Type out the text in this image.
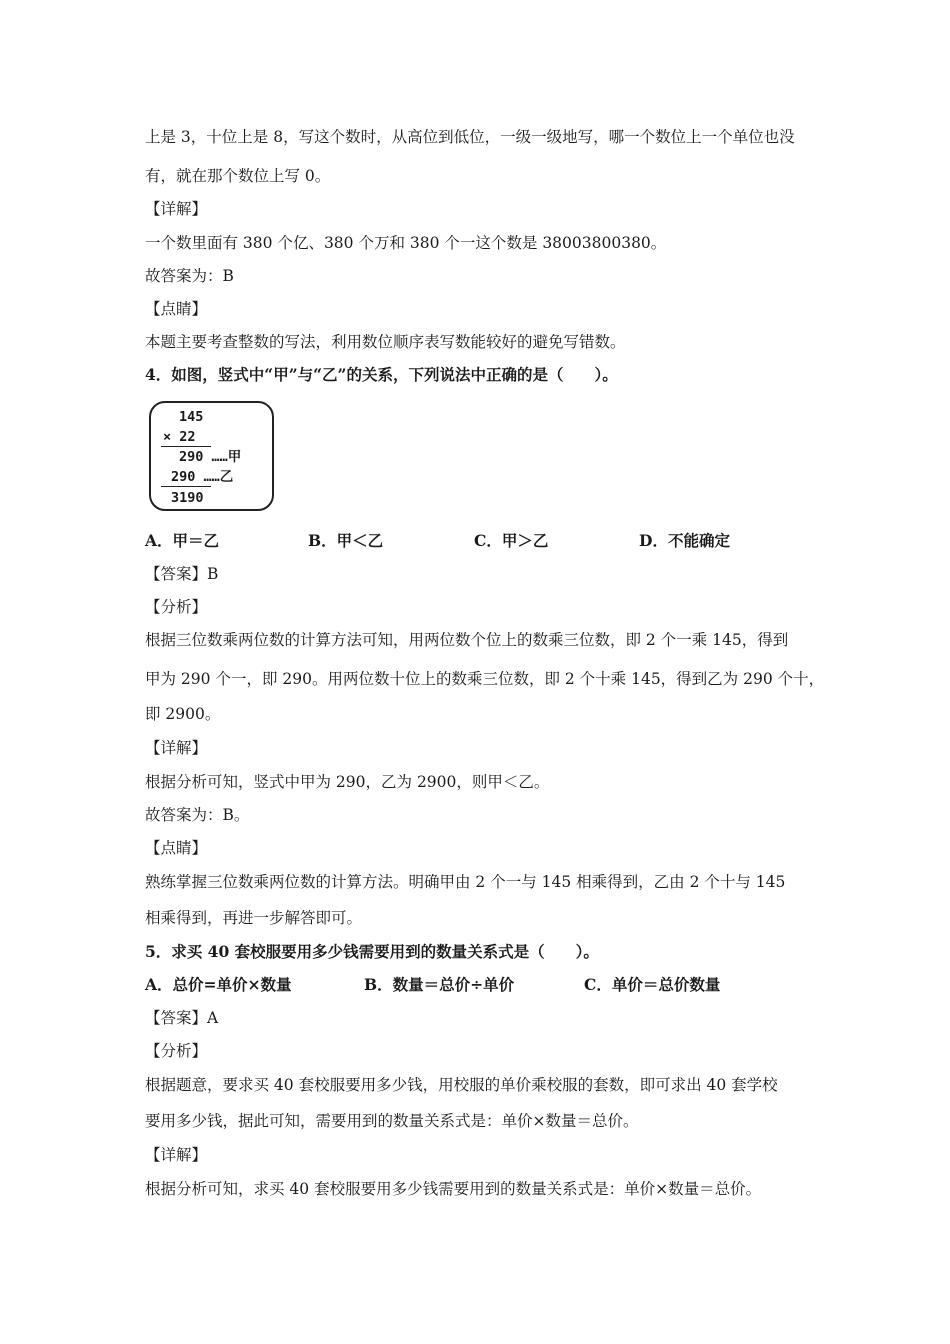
上是 3，十位上是 8，写这个数时，从高位到低位，一级一级地写，哪一个数位上一个单位也没
有，就在那个数位上写 0。
【详解】
一个数里面有 380 个亿、380 个万和 380 个一这个数是 38003800380。
故答案为：B
【点睛】
本题主要考查整数的写法，利用数位顺序表写数能较好的避免写错数。
4．如图，竖式中“甲”与“乙”的关系，下列说法中正确的是（　　）。
145
× 22
290 ……甲
290 ……乙
3190
A．甲＝乙	B．甲＜乙	C．甲＞乙	D．不能确定
【答案】B
【分析】
根据三位数乘两位数的计算方法可知，用两位数个位上的数乘三位数，即 2 个一乘 145，得到
甲为 290 个一，即 290。用两位数十位上的数乘三位数，即 2 个十乘 145，得到乙为 290 个十，
即 2900。
【详解】
根据分析可知，竖式中甲为 290，乙为 2900，则甲＜乙。
故答案为：B。
【点睛】
熟练掌握三位数乘两位数的计算方法。明确甲由 2 个一与 145 相乘得到，乙由 2 个十与 145
相乘得到，再进一步解答即可。
5．求买 40 套校服要用多少钱需要用到的数量关系式是（　　）。
A．总价=单价×数量	B．数量＝总价÷单价	C．单价＝总价数量
【答案】A
【分析】
根据题意，要求买 40 套校服要用多少钱，用校服的单价乘校服的套数，即可求出 40 套学校
要用多少钱，据此可知，需要用到的数量关系式是：单价×数量＝总价。
【详解】
根据分析可知，求买 40 套校服要用多少钱需要用到的数量关系式是：单价×数量＝总价。
